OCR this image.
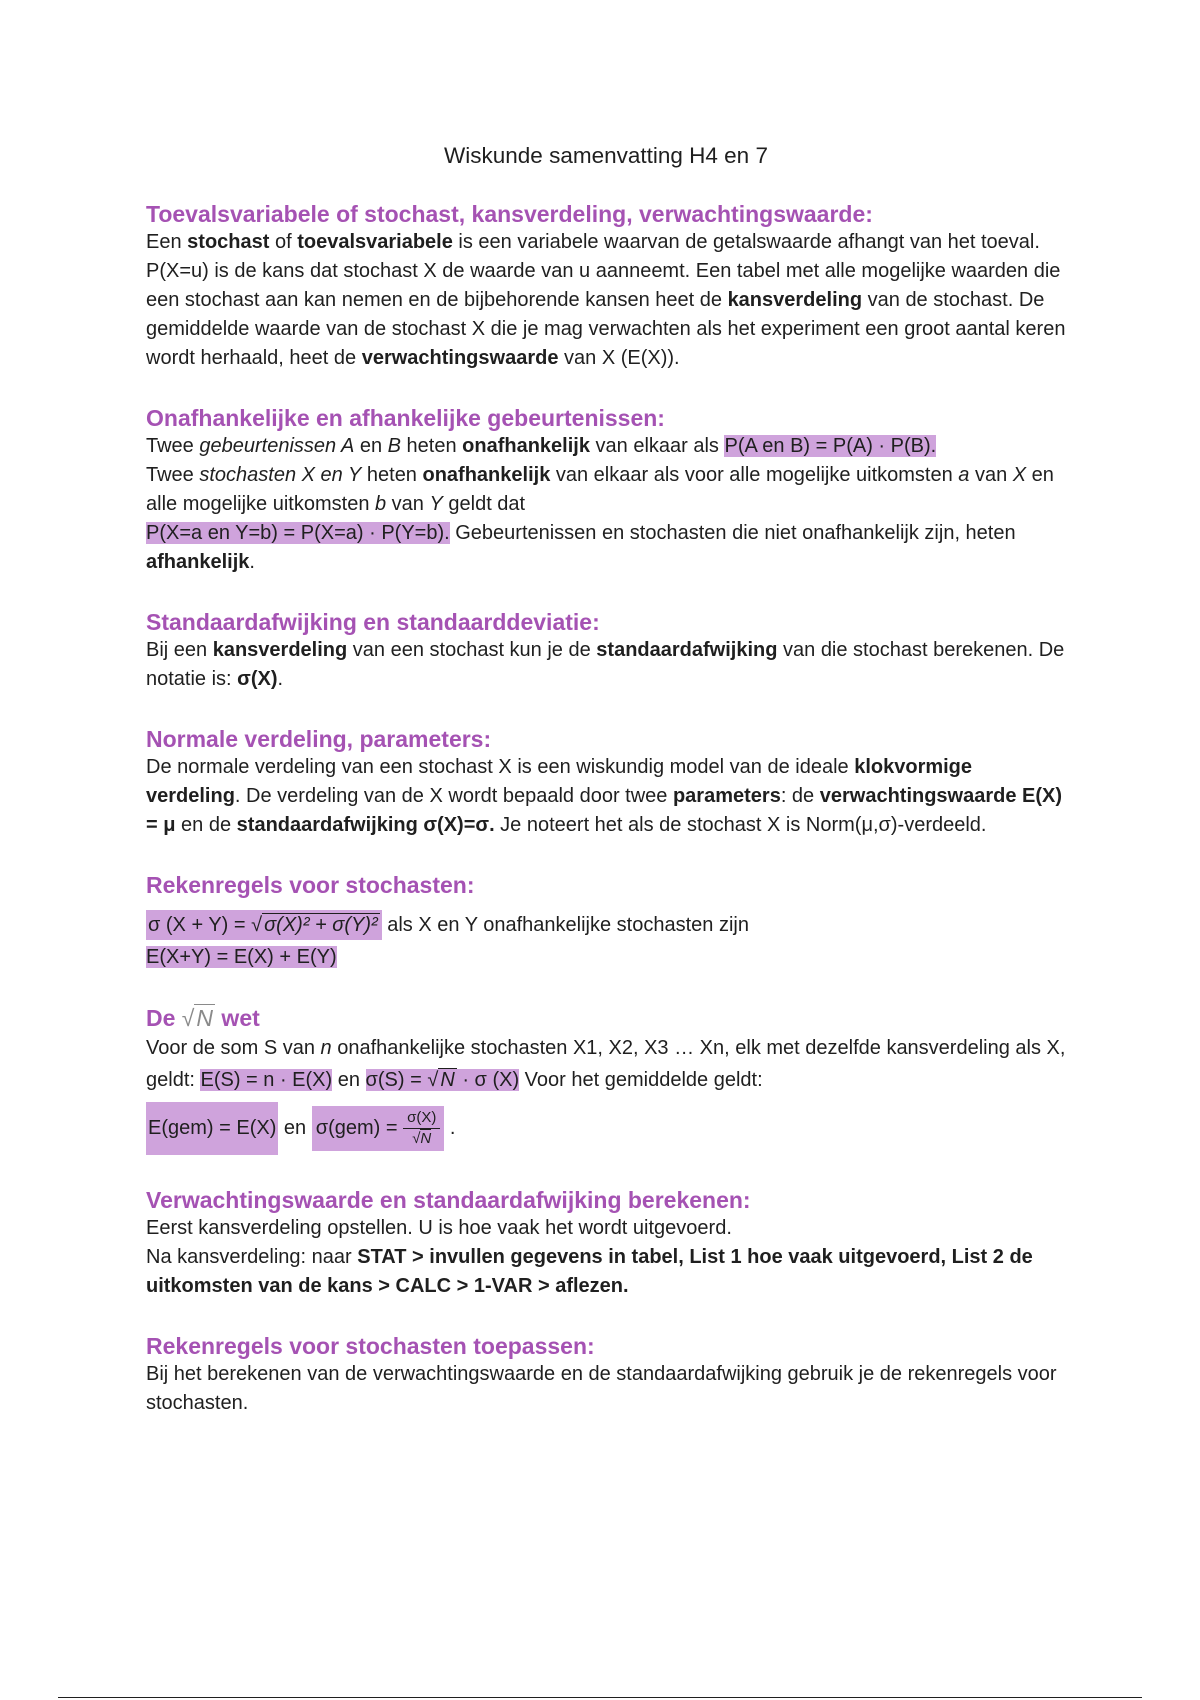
Wiskunde samenvatting H4 en 7

Toevalsvariabele of stochast, kansverdeling, verwachtingswaarde:

Een stochast of toevalsvariabele is een variabele waarvan de getalswaarde afhangt van het toeval. P(X=u) is de kans dat stochast X de waarde van u aanneemt. Een tabel met alle mogelijke waarden die een stochast aan kan nemen en de bijbehorende kansen heet de kansverdeling van de stochast. De gemiddelde waarde van de stochast X die je mag verwachten als het experiment een groot aantal keren wordt herhaald, heet de verwachtingswaarde van X (E(X)).

Onafhankelijke en afhankelijke gebeurtenissen:

Twee gebeurtenissen A en B heten onafhankelijk van elkaar als P(A en B) = P(A) · P(B).
Twee stochasten X en Y heten onafhankelijk van elkaar als voor alle mogelijke uitkomsten a van X en alle mogelijke uitkomsten b van Y geldt dat
P(X=a en Y=b) = P(X=a) · P(Y=b). Gebeurtenissen en stochasten die niet onafhankelijk zijn, heten afhankelijk.

Standaardafwijking en standaarddeviatie:

Bij een kansverdeling van een stochast kun je de standaardafwijking van die stochast berekenen. De notatie is: σ(X).

Normale verdeling, parameters:

De normale verdeling van een stochast X is een wiskundig model van de ideale klokvormige verdeling. De verdeling van de X wordt bepaald door twee parameters: de verwachtingswaarde E(X) = μ en de standaardafwijking σ(X)=σ. Je noteert het als de stochast X is Norm(μ,σ)-verdeeld.

Rekenregels voor stochasten:

σ (X + Y) = √ σ(X)² + σ(Y)² als X en Y onafhankelijke stochasten zijn
E(X+Y) = E(X) + E(Y)

De √N wet

Voor de som S van n onafhankelijke stochasten X1, X2, X3 … Xn, elk met dezelfde kansverdeling als X, geldt: E(S) = n · E(X) en σ(S) = √ N · σ (X) Voor het gemiddelde geldt:

E(gem) = E(X) en $\sigma(gem) = \frac{\sigma(X)}{√N}$ .

Verwachtingswaarde en standaardafwijking berekenen:

Eerst kansverdeling opstellen. U is hoe vaak het wordt uitgevoerd.
Na kansverdeling: naar STAT > invullen gegevens in tabel, List 1 hoe vaak uitgevoerd, List 2 de uitkomsten van de kans > CALC > 1-VAR > aflezen.

Rekenregels voor stochasten toepassen:

Bij het berekenen van de verwachtingswaarde en de standaardafwijking gebruik je de rekenregels voor stochasten.
